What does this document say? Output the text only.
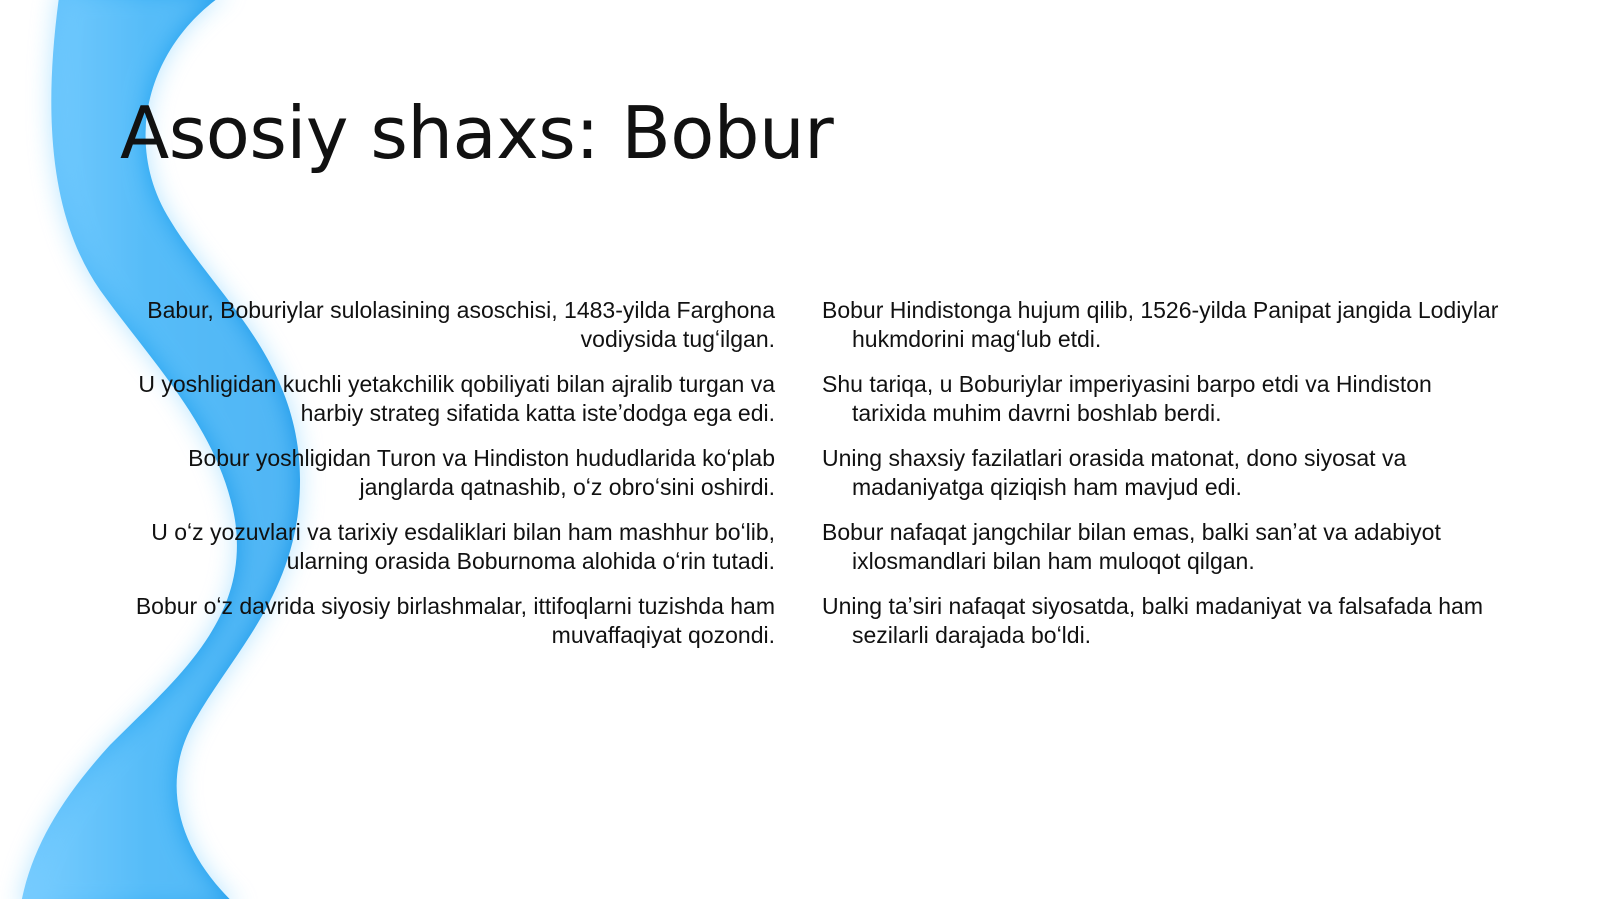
Asosiy shaxs: Bobur

Babur, Boburiylar sulolasining asoschisi, 1483-yilda Farghona vodiysida tugʻilgan.

U yoshligidan kuchli yetakchilik qobiliyati bilan ajralib turgan va harbiy strateg sifatida katta isteʼdodga ega edi.

Bobur yoshligidan Turon va Hindiston hududlarida koʻplab janglarda qatnashib, oʻz obroʻsini oshirdi.

U oʻz yozuvlari va tarixiy esdaliklari bilan ham mashhur boʻlib, ularning orasida Boburnoma alohida oʻrin tutadi.

Bobur oʻz davrida siyosiy birlashmalar, ittifoqlarni tuzishda ham muvaffaqiyat qozondi.

Bobur Hindistonga hujum qilib, 1526-yilda Panipat jangida Lodiylar hukmdorini magʻlub etdi.

Shu tariqa, u Boburiylar imperiyasini barpo etdi va Hindiston tarixida muhim davrni boshlab berdi.

Uning shaxsiy fazilatlari orasida matonat, dono siyosat va madaniyatga qiziqish ham mavjud edi.

Bobur nafaqat jangchilar bilan emas, balki sanʼat va adabiyot ixlosmandlari bilan ham muloqot qilgan.

Uning taʼsiri nafaqat siyosatda, balki madaniyat va falsafada ham sezilarli darajada boʻldi.
